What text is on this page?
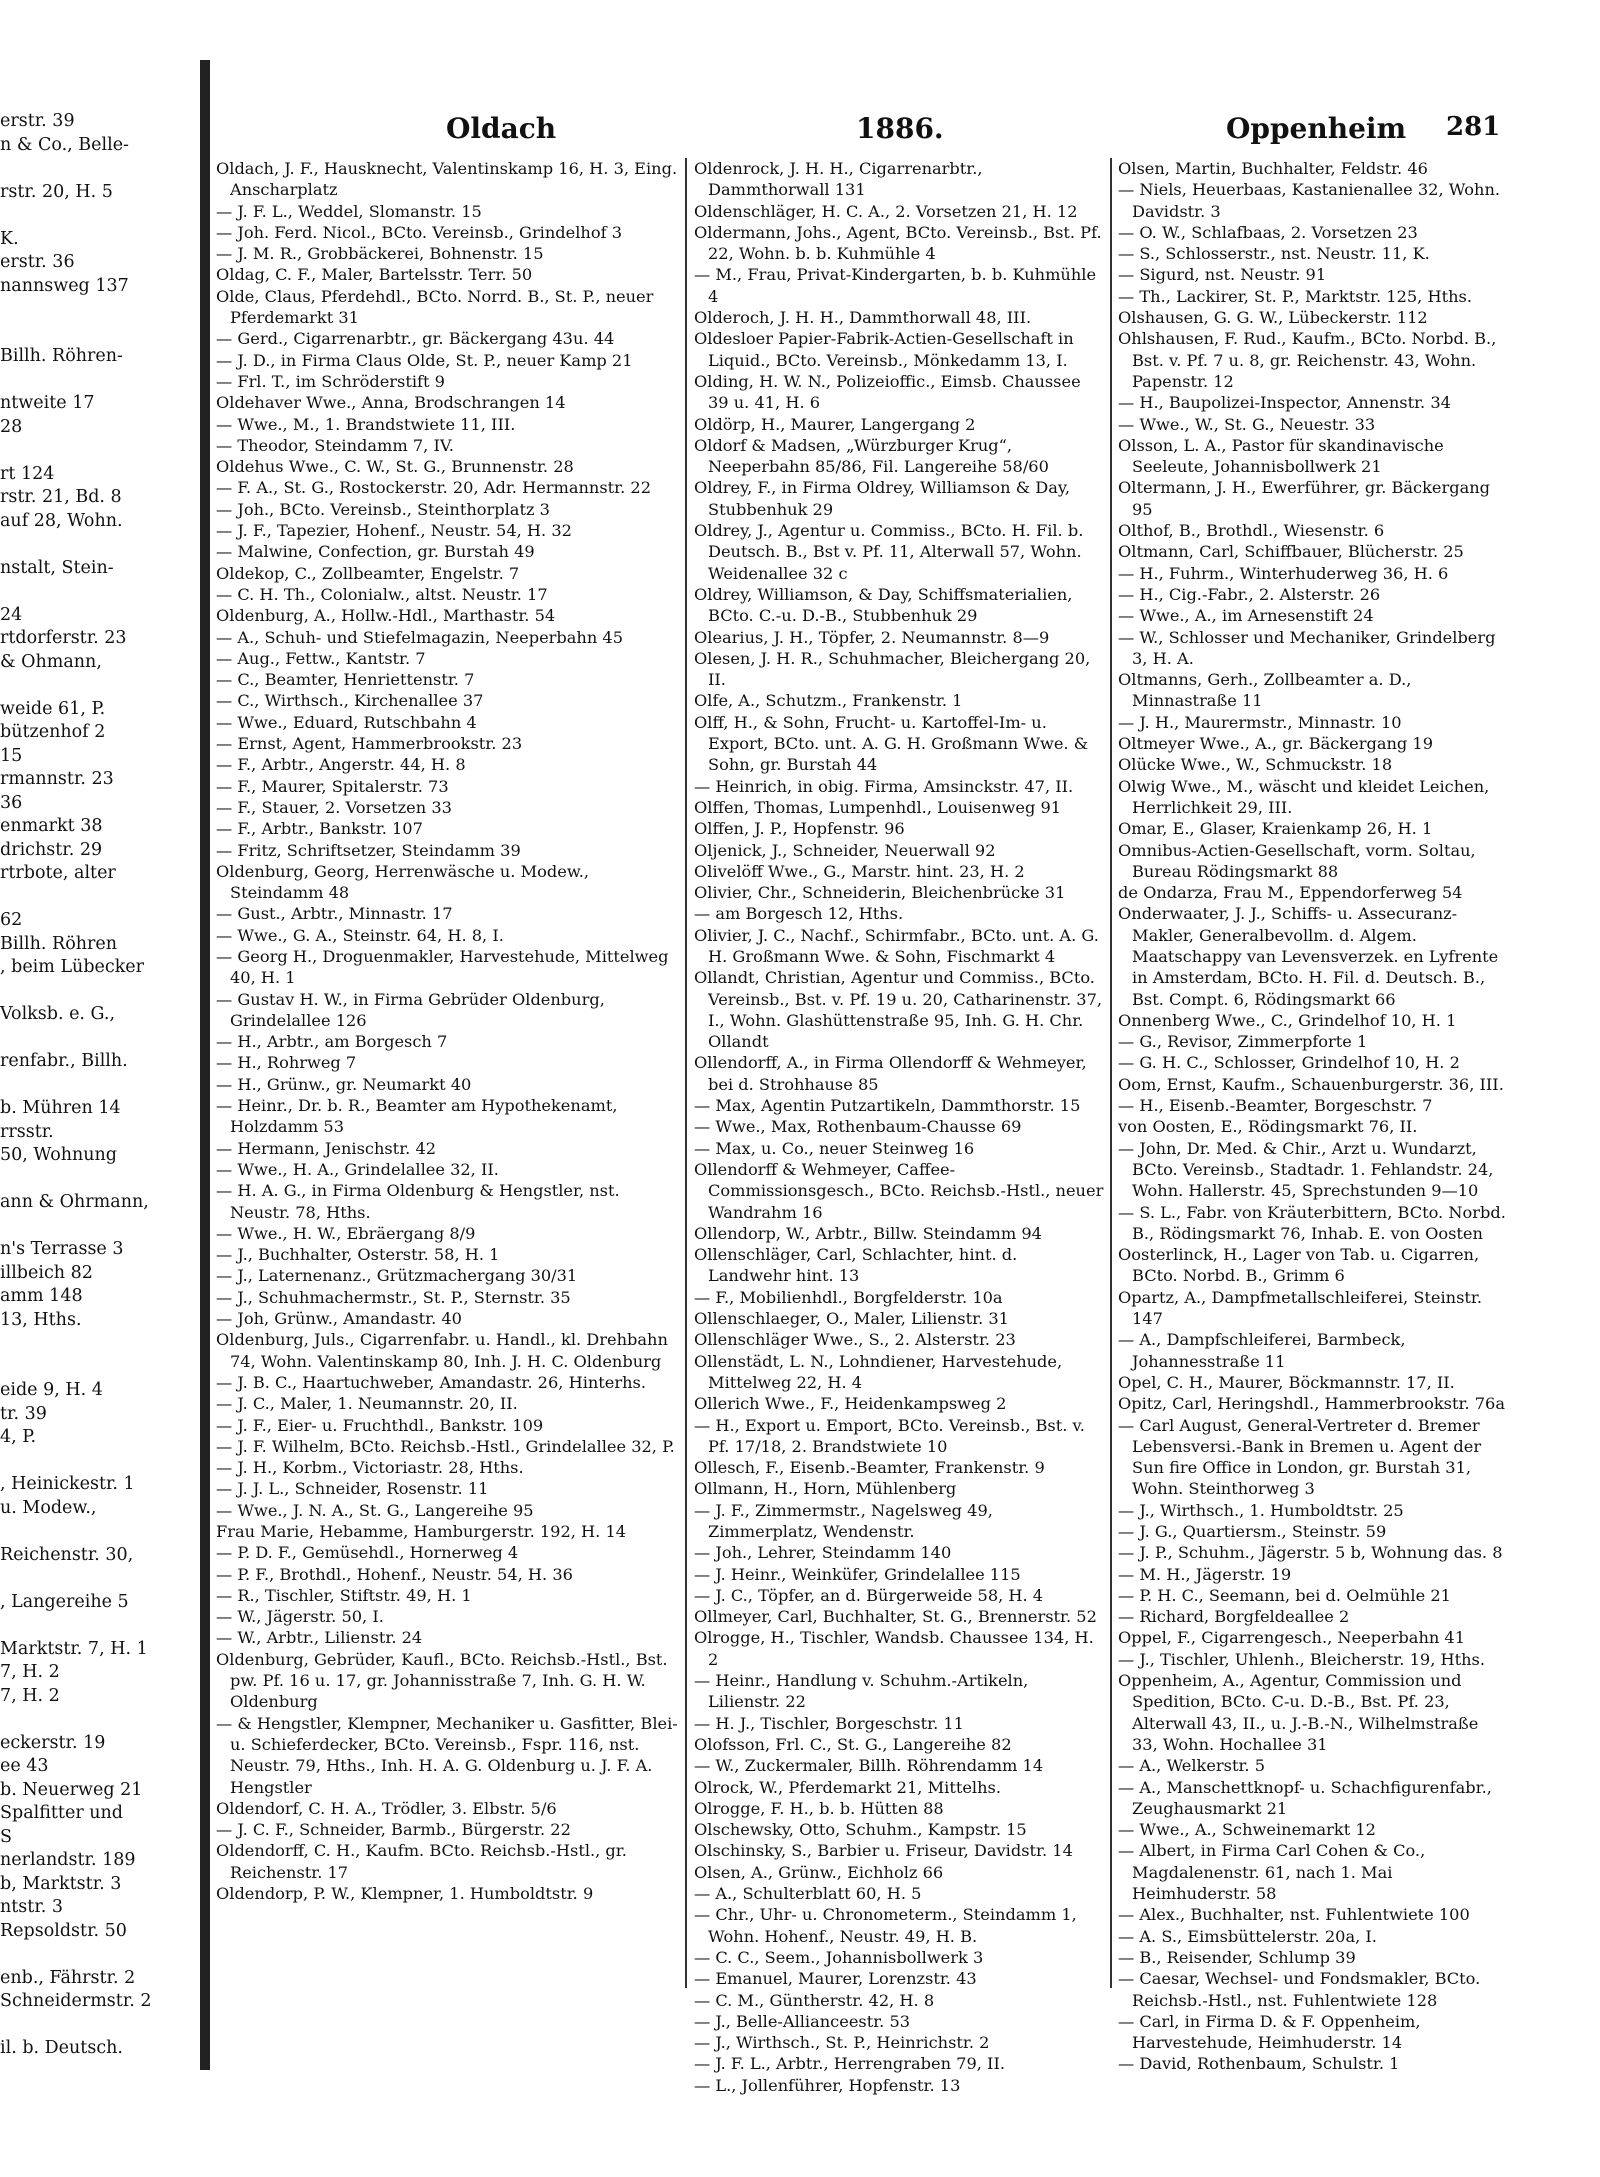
erstr. 39
n & Co., Belle-
rstr. 20, H. 5
K.
erstr. 36
nannsweg 137
Billh. Röhren-
ntweite 17
28
rt 124
rstr. 21, Bd. 8
auf 28, Wohn.
nstalt, Stein-
24
rtdorferstr. 23
& Ohmann,
weide 61, P.
bützenhof 2
15
rmannstr. 23
36
enmarkt 38
drichstr. 29
rtrbote, alter
62
Billh. Röhren
, beim Lübecker
Volksb. e. G.,
renfabr., Billh.
b. Mühren 14
rrsstr.
50, Wohnung
ann & Ohrmann,
n's Terrasse 3
illbeich 82
amm 148
13, Hths.
eide 9, H. 4
tr. 39
4, P.
, Heinickestr. 1
u. Modew.,
Reichenstr. 30,
, Langereihe 5
Marktstr. 7, H. 1
7, H. 2
7, H. 2
eckerstr. 19
ee 43
b. Neuerweg 21
Spalfitter und
S
nerlandstr. 189
b, Marktstr. 3
ntstr. 3
Repsoldstr. 50
enb., Fährstr. 2
Schneidermstr. 2
il. b. Deutsch.
Oldach	1886.	Oppenheim 281

Oldach, J. F., Hausknecht, Valentinskamp 16, H. 3, Eing. Anscharplatz

— J. F. L., Weddel, Slomanstr. 15

— Joh. Ferd. Nicol., BCto. Vereinsb., Grindelhof 3

— J. M. R., Grobbäckerei, Bohnenstr. 15

Oldag, C. F., Maler, Bartelsstr. Terr. 50

Olde, Claus, Pferdehdl., BCto. Norrd. B., St. P., neuer Pferdemarkt 31

— Gerd., Cigarrenarbtr., gr. Bäckergang 43u. 44

— J. D., in Firma Claus Olde, St. P., neuer Kamp 21

— Frl. T., im Schröderstift 9

Oldehaver Wwe., Anna, Brodschrangen 14

— Wwe., M., 1. Brandstwiete 11, III.

— Theodor, Steindamm 7, IV.

Oldehus Wwe., C. W., St. G., Brunnenstr. 28

— F. A., St. G., Rostockerstr. 20, Adr. Hermannstr. 22

— Joh., BCto. Vereinsb., Steinthorplatz 3

— J. F., Tapezier, Hohenf., Neustr. 54, H. 32

— Malwine, Confection, gr. Burstah 49

Oldekop, C., Zollbeamter, Engelstr. 7

— C. H. Th., Colonialw., altst. Neustr. 17

Oldenburg, A., Hollw.-Hdl., Marthastr. 54

— A., Schuh- und Stiefelmagazin, Neeperbahn 45

— Aug., Fettw., Kantstr. 7

— C., Beamter, Henriettenstr. 7

— C., Wirthsch., Kirchenallee 37

— Wwe., Eduard, Rutschbahn 4

— Ernst, Agent, Hammerbrookstr. 23

— F., Arbtr., Angerstr. 44, H. 8

— F., Maurer, Spitalerstr. 73

— F., Stauer, 2. Vorsetzen 33

— F., Arbtr., Bankstr. 107

— Fritz, Schriftsetzer, Steindamm 39

Oldenburg, Georg, Herrenwäsche u. Modew., Steindamm 48

— Gust., Arbtr., Minnastr. 17

— Wwe., G. A., Steinstr. 64, H. 8, I.

— Georg H., Droguenmakler, Harvestehude, Mittelweg 40, H. 1

— Gustav H. W., in Firma Gebrüder Oldenburg, Grindelallee 126

— H., Arbtr., am Borgesch 7

— H., Rohrweg 7

— H., Grünw., gr. Neumarkt 40

— Heinr., Dr. b. R., Beamter am Hypothekenamt, Holzdamm 53

— Hermann, Jenischstr. 42

— Wwe., H. A., Grindelallee 32, II.

— H. A. G., in Firma Oldenburg & Hengstler, nst. Neustr. 78, Hths.

— Wwe., H. W., Ebräergang 8/9

— J., Buchhalter, Osterstr. 58, H. 1

— J., Laternenanz., Grützmachergang 30/31

— J., Schuhmachermstr., St. P., Sternstr. 35

— Joh, Grünw., Amandastr. 40

Oldenburg, Juls., Cigarrenfabr. u. Handl., kl. Drehbahn 74, Wohn. Valentinskamp 80, Inh. J. H. C. Oldenburg

— J. B. C., Haartuchweber, Amandastr. 26, Hinterhs.

— J. C., Maler, 1. Neumannstr. 20, II.

— J. F., Eier- u. Fruchthdl., Bankstr. 109

— J. F. Wilhelm, BCto. Reichsb.-Hstl., Grindelallee 32, P.

— J. H., Korbm., Victoriastr. 28, Hths.

— J. J. L., Schneider, Rosenstr. 11

— Wwe., J. N. A., St. G., Langereihe 95

Frau Marie, Hebamme, Hamburgerstr. 192, H. 14

— P. D. F., Gemüsehdl., Hornerweg 4

— P. F., Brothdl., Hohenf., Neustr. 54, H. 36

— R., Tischler, Stiftstr. 49, H. 1

— W., Jägerstr. 50, I.

— W., Arbtr., Lilienstr. 24

Oldenburg, Gebrüder, Kaufl., BCto. Reichsb.-Hstl., Bst. pw. Pf. 16 u. 17, gr. Johannisstraße 7, Inh. G. H. W. Oldenburg

— & Hengstler, Klempner, Mechaniker u. Gasfitter, Blei- u. Schieferdecker, BCto. Vereinsb., Fspr. 116, nst. Neustr. 79, Hths., Inh. H. A. G. Oldenburg u. J. F. A. Hengstler

Oldendorf, C. H. A., Trödler, 3. Elbstr. 5/6

— J. C. F., Schneider, Barmb., Bürgerstr. 22

Oldendorff, C. H., Kaufm. BCto. Reichsb.-Hstl., gr. Reichenstr. 17

Oldendorp, P. W., Klempner, 1. Humboldtstr. 9

Oldenrock, J. H. H., Cigarrenarbtr., Dammthorwall 131

Oldenschläger, H. C. A., 2. Vorsetzen 21, H. 12

Oldermann, Johs., Agent, BCto. Vereinsb., Bst. Pf. 22, Wohn. b. b. Kuhmühle 4

— M., Frau, Privat-Kindergarten, b. b. Kuhmühle 4

Olderoch, J. H. H., Dammthorwall 48, III.

Oldesloer Papier-Fabrik-Actien-Gesellschaft in Liquid., BCto. Vereinsb., Mönkedamm 13, I.

Olding, H. W. N., Polizeioffic., Eimsb. Chaussee 39 u. 41, H. 6

Oldörp, H., Maurer, Langergang 2

Oldorf & Madsen, „Würzburger Krug“, Neeperbahn 85/86, Fil. Langereihe 58/60

Oldrey, F., in Firma Oldrey, Williamson & Day, Stubbenhuk 29

Oldrey, J., Agentur u. Commiss., BCto. H. Fil. b. Deutsch. B., Bst v. Pf. 11, Alterwall 57, Wohn. Weidenallee 32 c

Oldrey, Williamson, & Day, Schiffsmaterialien, BCto. C.-u. D.-B., Stubbenhuk 29

Olearius, J. H., Töpfer, 2. Neumannstr. 8—9

Olesen, J. H. R., Schuhmacher, Bleichergang 20, II.

Olfe, A., Schutzm., Frankenstr. 1

Olff, H., & Sohn, Frucht- u. Kartoffel-Im- u. Export, BCto. unt. A. G. H. Großmann Wwe. & Sohn, gr. Burstah 44

— Heinrich, in obig. Firma, Amsinckstr. 47, II.

Olffen, Thomas, Lumpenhdl., Louisenweg 91

Olffen, J. P., Hopfenstr. 96

Oljenick, J., Schneider, Neuerwall 92

Olivelöff Wwe., G., Marstr. hint. 23, H. 2

Olivier, Chr., Schneiderin, Bleichenbrücke 31

— am Borgesch 12, Hths.

Olivier, J. C., Nachf., Schirmfabr., BCto. unt. A. G. H. Großmann Wwe. & Sohn, Fischmarkt 4

Ollandt, Christian, Agentur und Commiss., BCto. Vereinsb., Bst. v. Pf. 19 u. 20, Catharinenstr. 37, I., Wohn. Glashüttenstraße 95, Inh. G. H. Chr. Ollandt

Ollendorff, A., in Firma Ollendorff & Wehmeyer, bei d. Strohhause 85

— Max, Agentin Putzartikeln, Dammthorstr. 15

— Wwe., Max, Rothenbaum-Chausse 69

— Max, u. Co., neuer Steinweg 16

Ollendorff & Wehmeyer, Caffee-Commissionsgesch., BCto. Reichsb.-Hstl., neuer Wandrahm 16

Ollendorp, W., Arbtr., Billw. Steindamm 94

Ollenschläger, Carl, Schlachter, hint. d. Landwehr hint. 13

— F., Mobilienhdl., Borgfelderstr. 10a

Ollenschlaeger, O., Maler, Lilienstr. 31

Ollenschläger Wwe., S., 2. Alsterstr. 23

Ollenstädt, L. N., Lohndiener, Harvestehude, Mittelweg 22, H. 4

Ollerich Wwe., F., Heidenkampsweg 2

— H., Export u. Emport, BCto. Vereinsb., Bst. v. Pf. 17/18, 2. Brandstwiete 10

Ollesch, F., Eisenb.-Beamter, Frankenstr. 9

Ollmann, H., Horn, Mühlenberg

— J. F., Zimmermstr., Nagelsweg 49, Zimmerplatz, Wendenstr.

— Joh., Lehrer, Steindamm 140

— J. Heinr., Weinküfer, Grindelallee 115

— J. C., Töpfer, an d. Bürgerweide 58, H. 4

Ollmeyer, Carl, Buchhalter, St. G., Brennerstr. 52

Olrogge, H., Tischler, Wandsb. Chaussee 134, H. 2

— Heinr., Handlung v. Schuhm.-Artikeln, Lilienstr. 22

— H. J., Tischler, Borgeschstr. 11

Olofsson, Frl. C., St. G., Langereihe 82

— W., Zuckermaler, Billh. Röhrendamm 14

Olrock, W., Pferdemarkt 21, Mittelhs.

Olrogge, F. H., b. b. Hütten 88

Olschewsky, Otto, Schuhm., Kampstr. 15

Olschinsky, S., Barbier u. Friseur, Davidstr. 14

Olsen, A., Grünw., Eichholz 66

— A., Schulterblatt 60, H. 5

— Chr., Uhr- u. Chronometerm., Steindamm 1, Wohn. Hohenf., Neustr. 49, H. B.

— C. C., Seem., Johannisbollwerk 3

— Emanuel, Maurer, Lorenzstr. 43

— C. M., Güntherstr. 42, H. 8

— J., Belle-Allianceestr. 53

— J., Wirthsch., St. P., Heinrichstr. 2

— J. F. L., Arbtr., Herrengraben 79, II.

— L., Jollenführer, Hopfenstr. 13

Olsen, Martin, Buchhalter, Feldstr. 46

— Niels, Heuerbaas, Kastanienallee 32, Wohn. Davidstr. 3

— O. W., Schlafbaas, 2. Vorsetzen 23

— S., Schlosserstr., nst. Neustr. 11, K.

— Sigurd, nst. Neustr. 91

— Th., Lackirer, St. P., Marktstr. 125, Hths.

Olshausen, G. G. W., Lübeckerstr. 112

Ohlshausen, F. Rud., Kaufm., BCto. Norbd. B., Bst. v. Pf. 7 u. 8, gr. Reichenstr. 43, Wohn. Papenstr. 12

— H., Baupolizei-Inspector, Annenstr. 34

— Wwe., W., St. G., Neuestr. 33

Olsson, L. A., Pastor für skandinavische Seeleute, Johannisbollwerk 21

Oltermann, J. H., Ewerführer, gr. Bäckergang 95

Olthof, B., Brothdl., Wiesenstr. 6

Oltmann, Carl, Schiffbauer, Blücherstr. 25

— H., Fuhrm., Winterhuderweg 36, H. 6

— H., Cig.-Fabr., 2. Alsterstr. 26

— Wwe., A., im Arnesenstift 24

— W., Schlosser und Mechaniker, Grindelberg 3, H. A.

Oltmanns, Gerh., Zollbeamter a. D., Minnastraße 11

— J. H., Maurermstr., Minnastr. 10

Oltmeyer Wwe., A., gr. Bäckergang 19

Olücke Wwe., W., Schmuckstr. 18

Olwig Wwe., M., wäscht und kleidet Leichen, Herrlichkeit 29, III.

Omar, E., Glaser, Kraienkamp 26, H. 1

Omnibus-Actien-Gesellschaft, vorm. Soltau, Bureau Rödingsmarkt 88

de Ondarza, Frau M., Eppendorferweg 54

Onderwaater, J. J., Schiffs- u. Assecuranz-Makler, Generalbevollm. d. Algem. Maatschappy van Levensverzek. en Lyfrente in Amsterdam, BCto. H. Fil. d. Deutsch. B., Bst. Compt. 6, Rödingsmarkt 66

Onnenberg Wwe., C., Grindelhof 10, H. 1

— G., Revisor, Zimmerpforte 1

— G. H. C., Schlosser, Grindelhof 10, H. 2

Oom, Ernst, Kaufm., Schauenburgerstr. 36, III.

— H., Eisenb.-Beamter, Borgeschstr. 7

von Oosten, E., Rödingsmarkt 76, II.

— John, Dr. Med. & Chir., Arzt u. Wundarzt, BCto. Vereinsb., Stadtadr. 1. Fehlandstr. 24, Wohn. Hallerstr. 45, Sprechstunden 9—10

— S. L., Fabr. von Kräuterbittern, BCto. Norbd. B., Rödingsmarkt 76, Inhab. E. von Oosten

Oosterlinck, H., Lager von Tab. u. Cigarren, BCto. Norbd. B., Grimm 6

Opartz, A., Dampfmetallschleiferei, Steinstr. 147

— A., Dampfschleiferei, Barmbeck, Johannesstraße 11

Opel, C. H., Maurer, Böckmannstr. 17, II.

Opitz, Carl, Heringshdl., Hammerbrookstr. 76a

— Carl August, General-Vertreter d. Bremer Lebensversi.-Bank in Bremen u. Agent der Sun fire Office in London, gr. Burstah 31, Wohn. Steinthorweg 3

— J., Wirthsch., 1. Humboldtstr. 25

— J. G., Quartiersm., Steinstr. 59

— J. P., Schuhm., Jägerstr. 5 b, Wohnung das. 8

— M. H., Jägerstr. 19

— P. H. C., Seemann, bei d. Oelmühle 21

— Richard, Borgfeldeallee 2

Oppel, F., Cigarrengesch., Neeperbahn 41

— J., Tischler, Uhlenh., Bleicherstr. 19, Hths.

Oppenheim, A., Agentur, Commission und Spedition, BCto. C-u. D.-B., Bst. Pf. 23, Alterwall 43, II., u. J.-B.-N., Wilhelmstraße 33, Wohn. Hochallee 31

— A., Welkerstr. 5

— A., Manschettknopf- u. Schachfigurenfabr., Zeughausmarkt 21

— Wwe., A., Schweinemarkt 12

— Albert, in Firma Carl Cohen & Co., Magdalenenstr. 61, nach 1. Mai Heimhuderstr. 58

— Alex., Buchhalter, nst. Fuhlentwiete 100

— A. S., Eimsbüttelerstr. 20a, I.

— B., Reisender, Schlump 39

— Caesar, Wechsel- und Fondsmakler, BCto. Reichsb.-Hstl., nst. Fuhlentwiete 128

— Carl, in Firma D. & F. Oppenheim, Harvestehude, Heimhuderstr. 14

— David, Rothenbaum, Schulstr. 1
